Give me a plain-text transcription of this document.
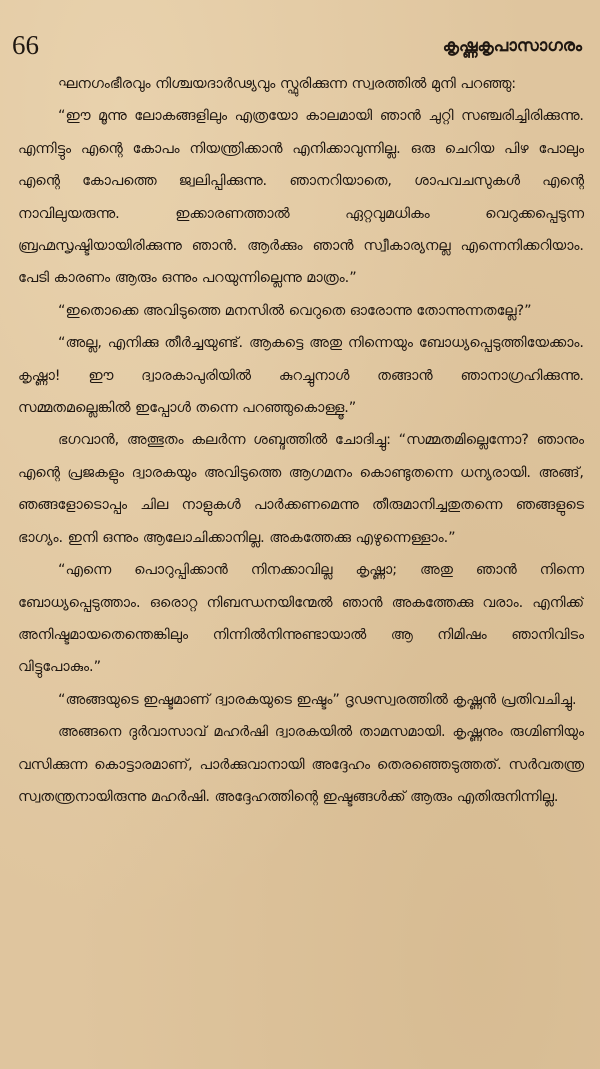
66	കൃഷ്ണകൃപാസാഗരം

ഘനഗംഭീരവും നിശ്ചയദാർഢ്യവും സ്ഫുരിക്കുന്ന സ്വരത്തിൽ മുനി പറഞ്ഞു:

“ഈ മൂന്നു ലോകങ്ങളിലും എത്രയോ കാലമായി ഞാൻ ചുറ്റി സഞ്ചരിച്ചിരിക്കുന്നു. എന്നിട്ടും എന്റെ കോപം നിയന്ത്രിക്കാൻ എനിക്കാവുന്നില്ല. ഒരു ചെറിയ പിഴ പോലും എന്റെ കോപത്തെ ജ്വലിപ്പിക്കുന്നു. ഞാനറിയാതെ, ശാപവചസുകൾ എന്റെ നാവിലുയരുന്നു. ഇക്കാരണത്താൽ ഏറ്റവുമധികം വെറുക്കപ്പെടുന്ന ബ്രഹ്മസൃഷ്ടിയായിരിക്കുന്നു ഞാൻ. ആർക്കും ഞാൻ സ്വീകാര്യനല്ല എന്നെനിക്കറിയാം. പേടി കാരണം ആരും ഒന്നും പറയുന്നില്ലെന്നു മാത്രം.”

“ഇതൊക്കെ അവിടുത്തെ മനസിൽ വെറുതെ ഓരോന്നു തോന്നുന്നതല്ലേ?”

“അല്ല, എനിക്കു തീർച്ചയുണ്ട്. ആകട്ടെ അതു നിന്നെയും ബോധ്യപ്പെടുത്തിയേക്കാം. കൃഷ്ണാ! ഈ ദ്വാരകാപുരിയിൽ കുറച്ചുനാൾ തങ്ങാൻ ഞാനാഗ്രഹിക്കുന്നു. സമ്മതമല്ലെങ്കിൽ ഇപ്പോൾ തന്നെ പറഞ്ഞുകൊള്ളൂ.”

ഭഗവാൻ, അത്ഭുതം കലർന്ന ശബ്ദത്തിൽ ചോദിച്ചു: “സമ്മതമില്ലെന്നോ? ഞാനും എന്റെ പ്രജകളും ദ്വാരകയും അവിടുത്തെ ആഗമനം കൊണ്ടുതന്നെ ധന്യരായി. അങ്ങ്, ഞങ്ങളോടൊപ്പം ചില നാളുകൾ പാർക്കണമെന്നു തീരുമാനിച്ചതുതന്നെ ഞങ്ങളുടെ ഭാഗ്യം. ഇനി ഒന്നും ആലോചിക്കാനില്ല. അകത്തേക്കു എഴുന്നെള്ളാം.”

“എന്നെ പൊറുപ്പിക്കാൻ നിനക്കാവില്ല കൃഷ്ണാ; അതു ഞാൻ നിന്നെ ബോധ്യപ്പെടുത്താം. ഒരൊറ്റ നിബന്ധനയിന്മേൽ ഞാൻ അകത്തേക്കു വരാം. എനിക്ക് അനിഷ്ടമായതെന്തെങ്കിലും നിന്നിൽനിന്നുണ്ടായാൽ ആ നിമിഷം ഞാനിവിടം വിട്ടുപോകും.”

“അങ്ങയുടെ ഇഷ്ടമാണ് ദ്വാരകയുടെ ഇഷ്ടം” ദൃഢസ്വരത്തിൽ കൃഷ്ണൻ പ്രതിവചിച്ചു.

അങ്ങനെ ദുർവാസാവ് മഹർഷി ദ്വാരകയിൽ താമസമായി. കൃഷ്ണനും രുഗ്മിണിയും വസിക്കുന്ന കൊട്ടാരമാണ്, പാർക്കുവാനായി അദ്ദേഹം തെരഞ്ഞെടുത്തത്. സർവതന്ത്ര സ്വതന്ത്രനായിരുന്നു മഹർഷി. അദ്ദേഹത്തിന്റെ ഇഷ്ടങ്ങൾക്ക് ആരും എതിരുനിന്നില്ല.
